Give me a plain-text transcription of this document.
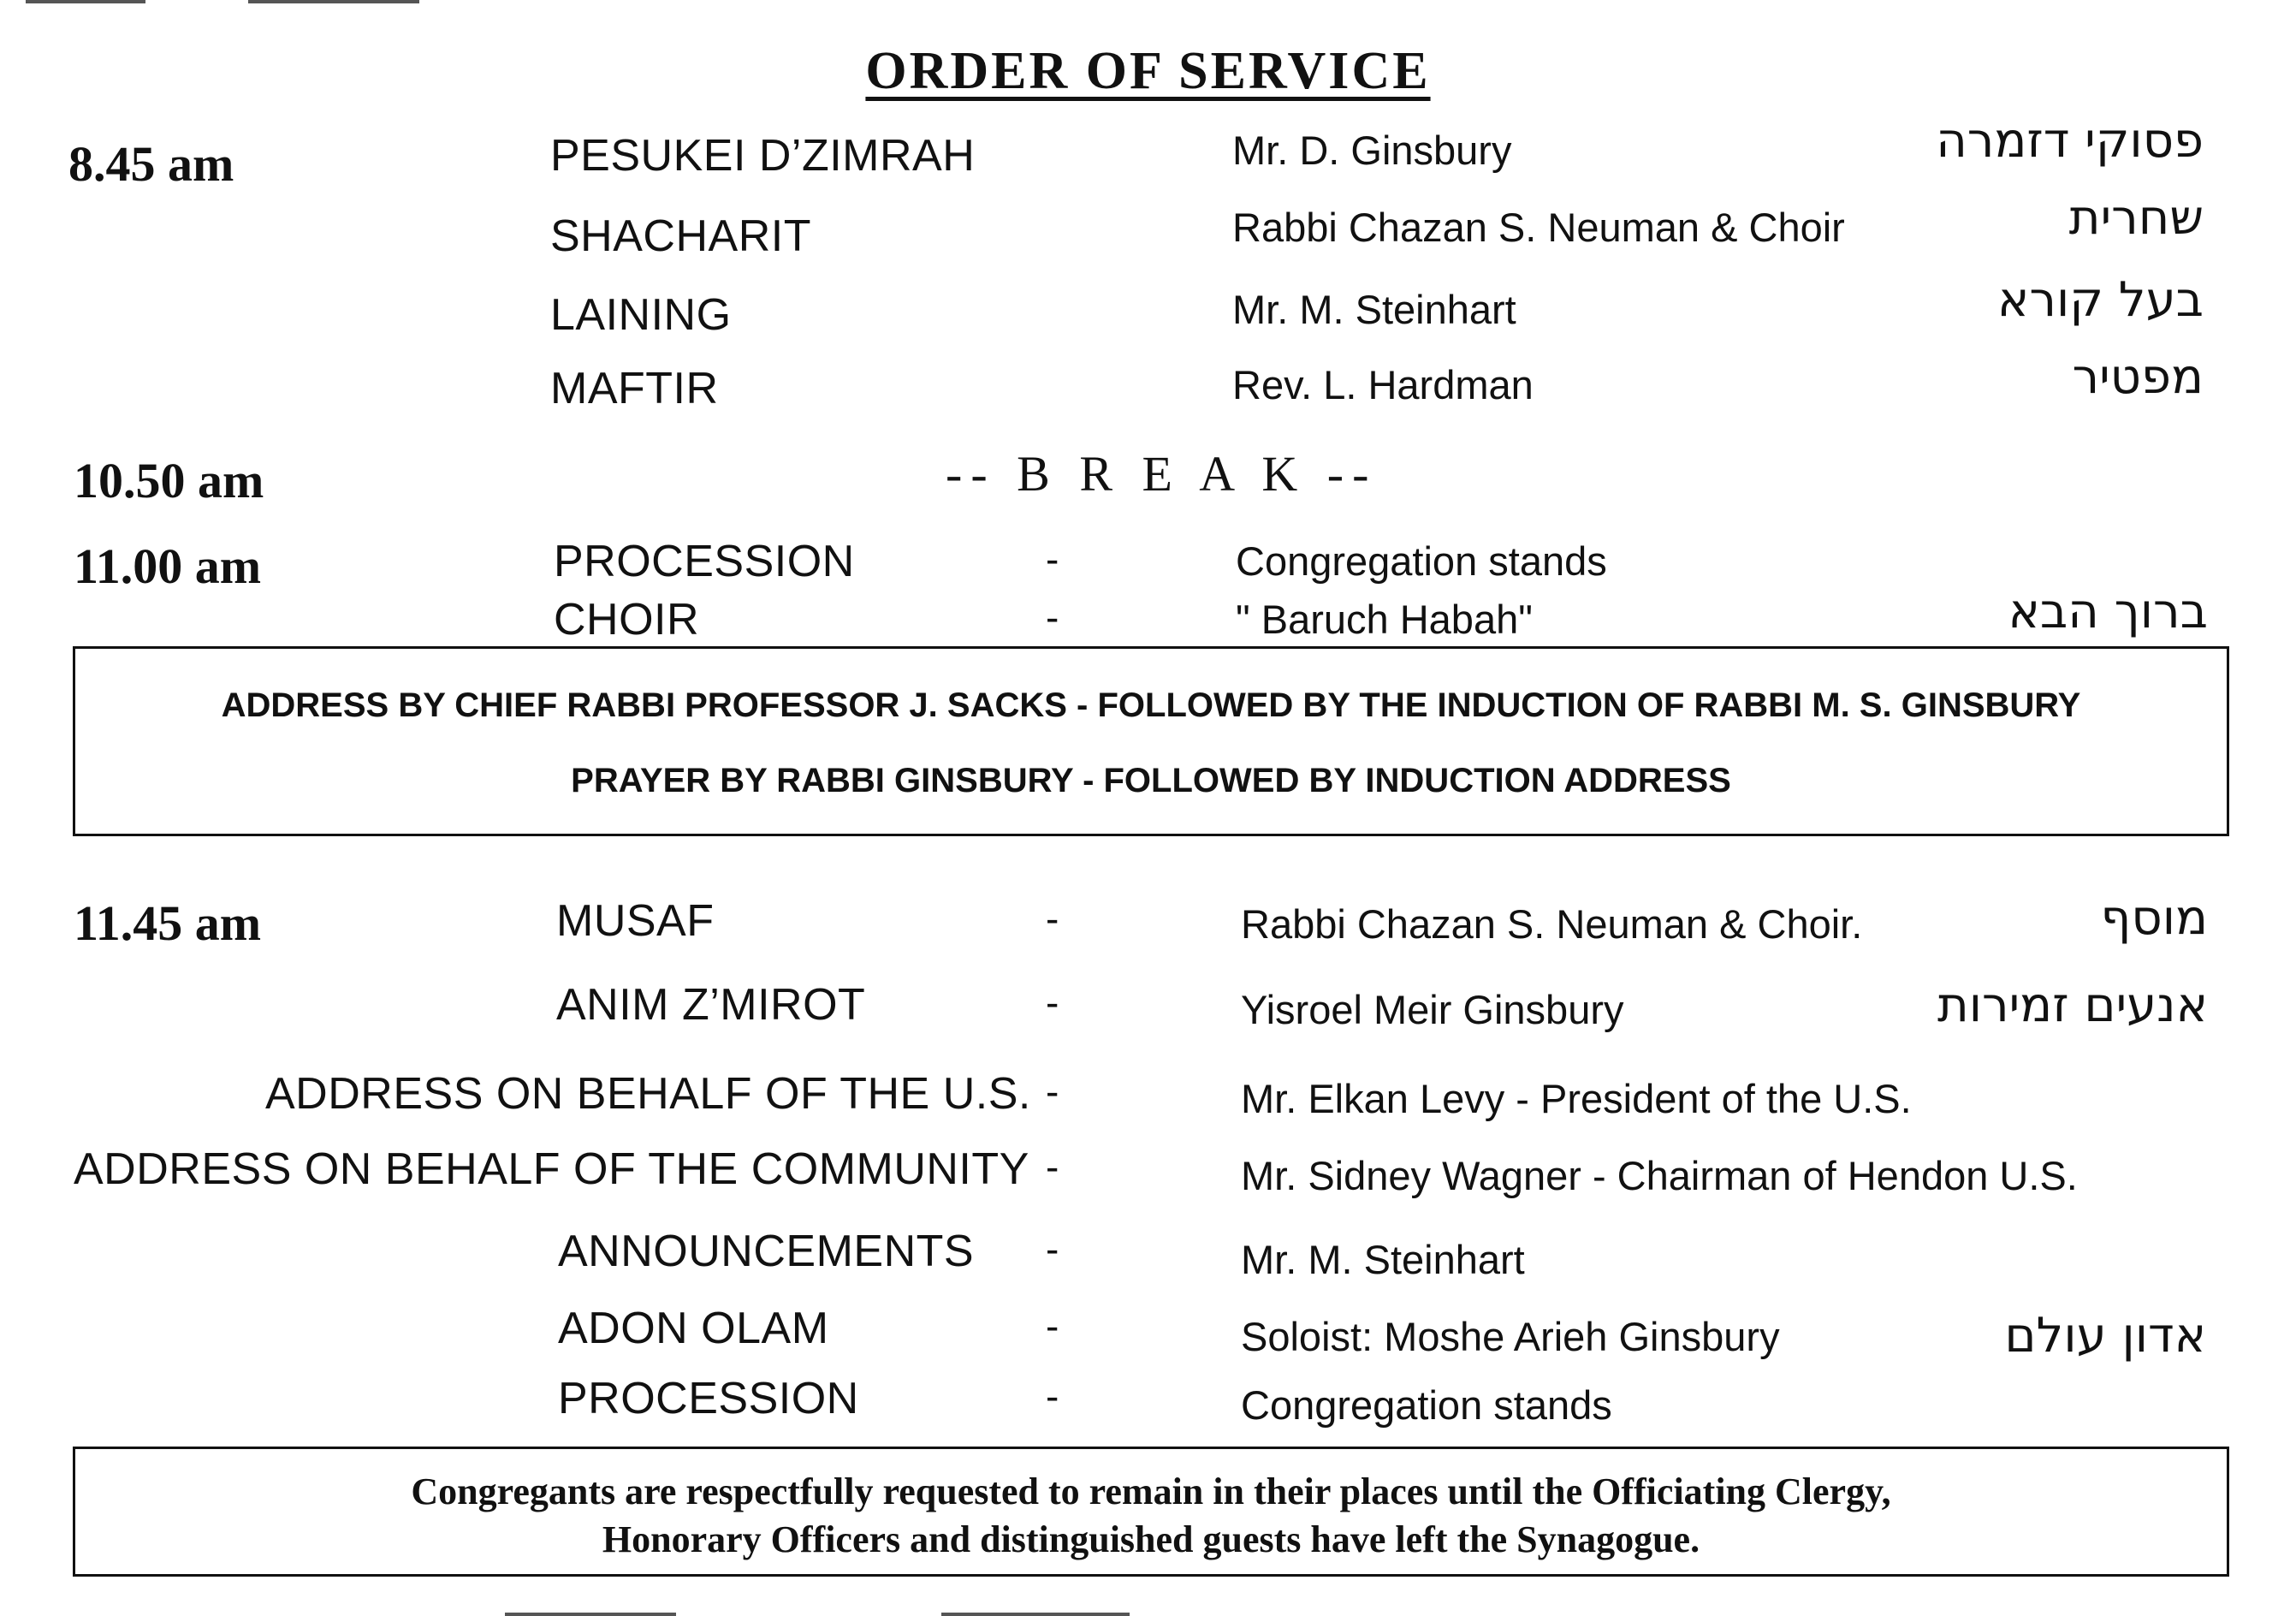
ORDER OF SERVICE
8.45 am	PESUKEI D’ZIMRAH	Mr. D. Ginsbury	פסוקי דזמרה
SHACHARIT	Rabbi Chazan S. Neuman & Choir	שחרית
LAINING	Mr. M. Steinhart	בעל קורא
MAFTIR	Rev. L. Hardman	מפטיר
10.50 am	-- B R E A K --
11.00 am	PROCESSION	-	Congregation stands
CHOIR	-	" Baruch Habah"	ברוך הבא
ADDRESS BY CHIEF RABBI PROFESSOR J. SACKS - FOLLOWED BY THE INDUCTION OF RABBI M. S. GINSBURY
PRAYER BY RABBI GINSBURY - FOLLOWED BY INDUCTION ADDRESS
11.45 am	MUSAF	-	Rabbi Chazan S. Neuman & Choir.	מוסף
ANIM Z’MIROT	-	Yisroel Meir Ginsbury	אנעים זמירות
ADDRESS ON BEHALF OF THE U.S. -	Mr. Elkan Levy - President of the U.S.
ADDRESS ON BEHALF OF THE COMMUNITY -	Mr. Sidney Wagner - Chairman of Hendon U.S.
ANNOUNCEMENTS -	Mr. M. Steinhart
ADON OLAM	-	Soloist: Moshe Arieh Ginsbury	אדון עולם
PROCESSION	-	Congregation stands
Congregants are respectfully requested to remain in their places until the Officiating Clergy,
Honorary Officers and distinguished guests have left the Synagogue.
